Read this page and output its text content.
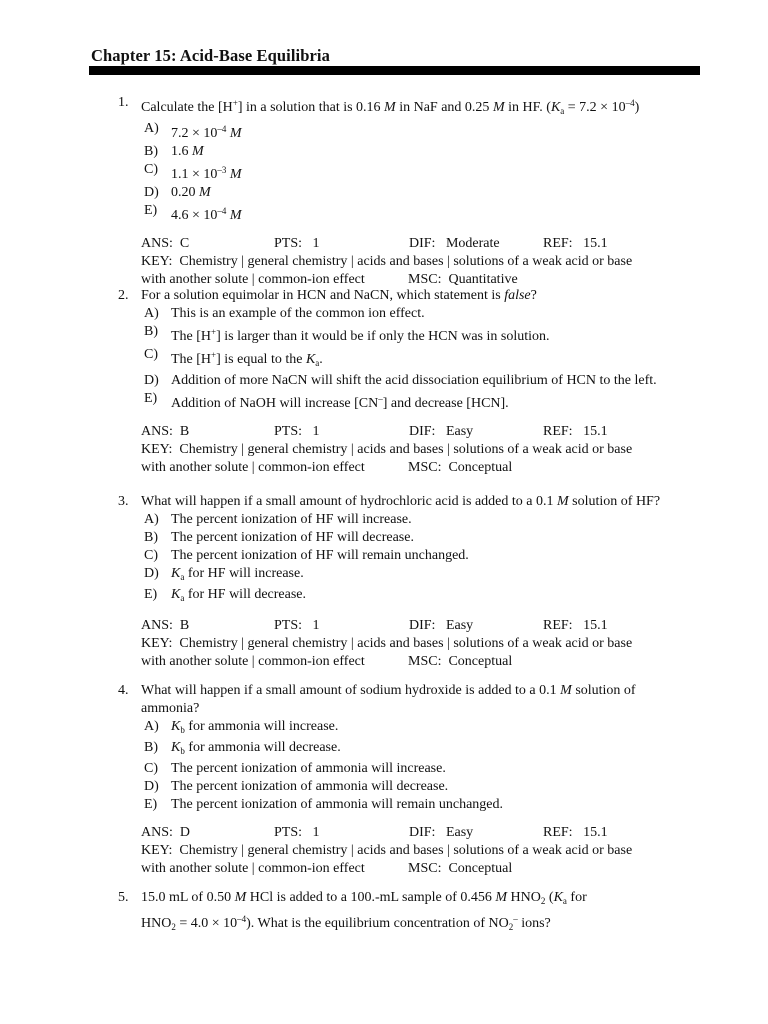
Chapter 15: Acid-Base Equilibria
1. Calculate the [H+] in a solution that is 0.16 M in NaF and 0.25 M in HF. $(K_a = 7.2 \times 10^{-4})$
A) $7.2 \times 10^{-4}$ M
B) 1.6 M
C) $1.1 \times 10^{-3}$ M
D) 0.20 M
E) $4.6 \times 10^{-4}$ M
ANS: C	PTS: 1	DIF: Moderate	REF: 15.1
KEY: Chemistry | general chemistry | acids and bases | solutions of a weak acid or base
with another solute | common-ion effect	MSC: Quantitative
2. For a solution equimolar in HCN and NaCN, which statement is false?
A) This is an example of the common ion effect.
B) The [H+] is larger than it would be if only the HCN was in solution.
C) The [H+] is equal to the $K_a$.
D) Addition of more NaCN will shift the acid dissociation equilibrium of HCN to the left.
E) Addition of NaOH will increase [CN–] and decrease [HCN].
ANS: B	PTS: 1	DIF: Easy	REF: 15.1
KEY: Chemistry | general chemistry | acids and bases | solutions of a weak acid or base
with another solute | common-ion effect	MSC: Conceptual
3. What will happen if a small amount of hydrochloric acid is added to a 0.1 M solution of HF?
A) The percent ionization of HF will increase.
B) The percent ionization of HF will decrease.
C) The percent ionization of HF will remain unchanged.
D) $K_a$ for HF will increase.
E) $K_a$ for HF will decrease.
ANS: B	PTS: 1	DIF: Easy	REF: 15.1
KEY: Chemistry | general chemistry | acids and bases | solutions of a weak acid or base
with another solute | common-ion effect	MSC: Conceptual
4. What will happen if a small amount of sodium hydroxide is added to a 0.1 M solution of
ammonia?
A) $K_b$ for ammonia will increase.
B) $K_b$ for ammonia will decrease.
C) The percent ionization of ammonia will increase.
D) The percent ionization of ammonia will decrease.
E) The percent ionization of ammonia will remain unchanged.
ANS: D	PTS: 1	DIF: Easy	REF: 15.1
KEY: Chemistry | general chemistry | acids and bases | solutions of a weak acid or base
with another solute | common-ion effect	MSC: Conceptual
5. 15.0 mL of 0.50 M HCl is added to a 100.-mL sample of 0.456 M $HNO_2$ ($K_a$ for
$HNO_2 = 4.0 \times 10^{-4}$). What is the equilibrium concentration of $NO_2^-$ ions?
